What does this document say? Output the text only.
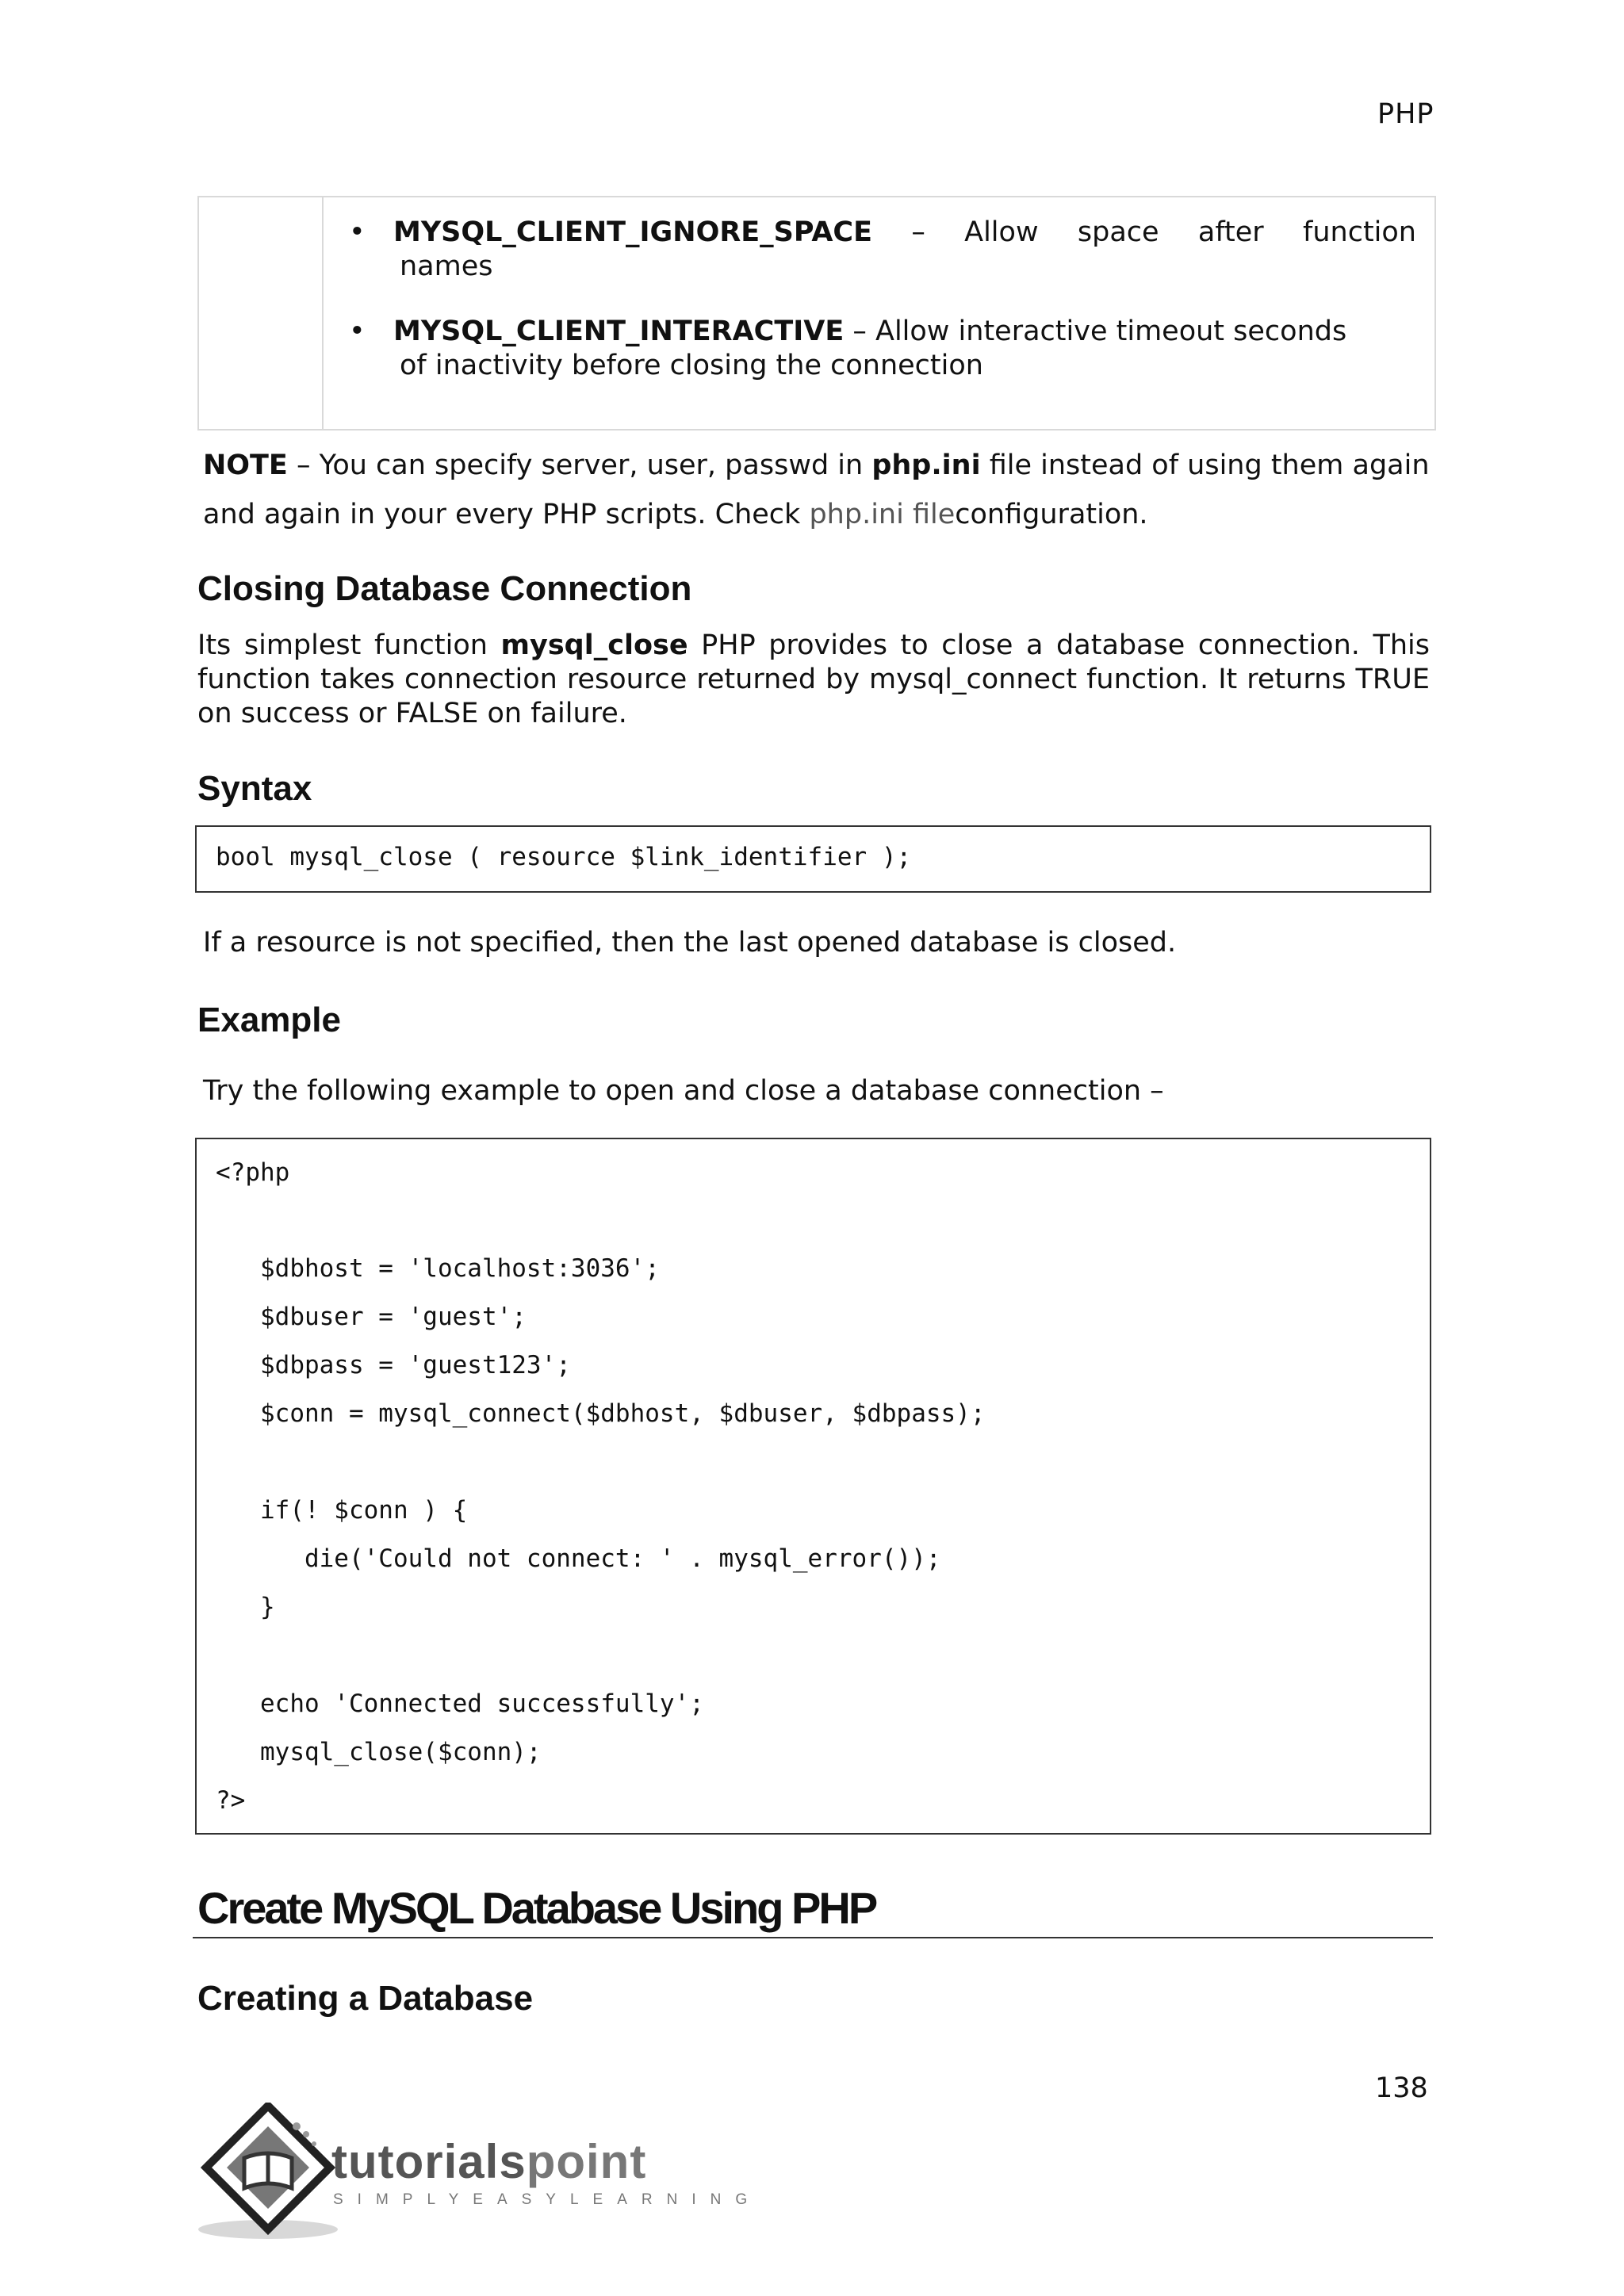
PHP
• MYSQL_CLIENT_IGNORE_SPACE – Allow space after function
names
• MYSQL_CLIENT_INTERACTIVE – Allow interactive timeout seconds
of inactivity before closing the connection
NOTE – You can specify server, user, passwd in php.ini file instead of using them again
and again in your every PHP scripts. Check php.ini fileconfiguration.
Closing Database Connection
Its simplest function mysql_close PHP provides to close a database connection. This
function takes connection resource returned by mysql_connect function. It returns TRUE
on success or FALSE on failure.
Syntax
bool mysql_close ( resource $link_identifier );
If a resource is not specified, then the last opened database is closed.
Example
Try the following example to open and close a database connection –
<?php
$dbhost = 'localhost:3036';
$dbuser = 'guest';
$dbpass = 'guest123';
$conn = mysql_connect($dbhost, $dbuser, $dbpass);
if(! $conn ) {
die('Could not connect: ' . mysql_error());
}
echo 'Connected successfully';
mysql_close($conn);
?>
Create MySQL Database Using PHP
Creating a Database
138
tutorialspoint
SIMPLYEASYLEARNING
